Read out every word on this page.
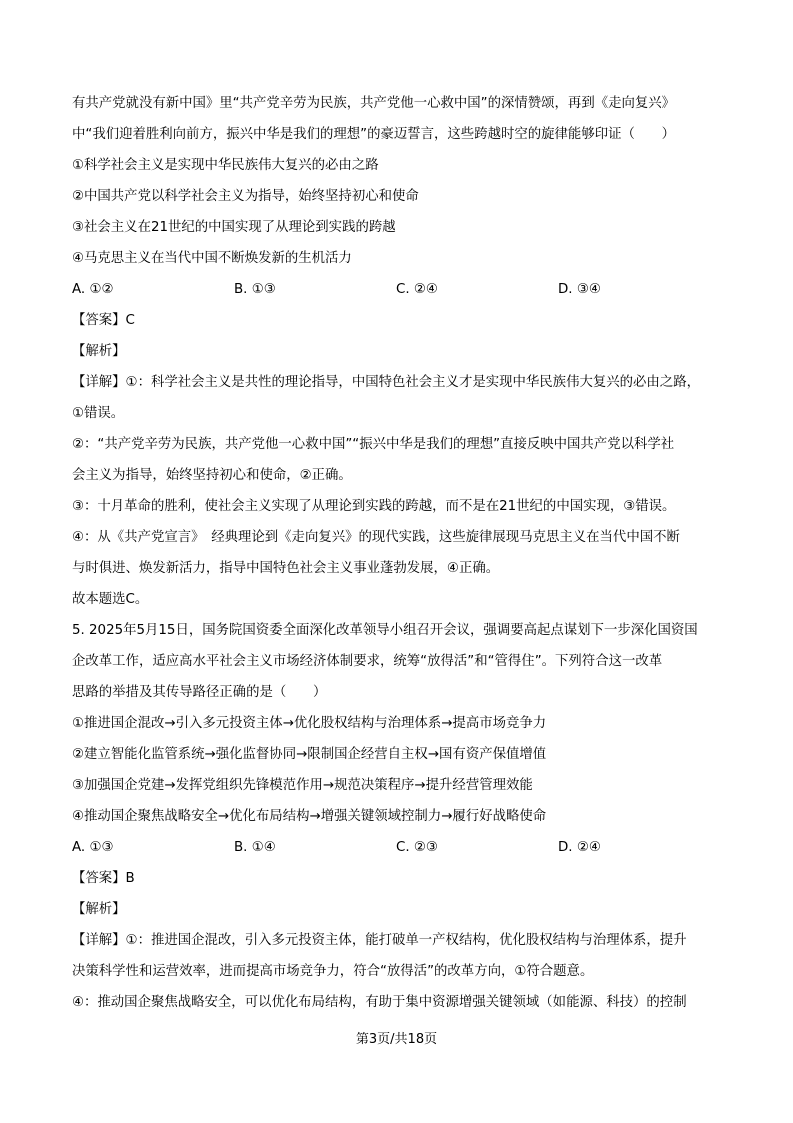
有共产党就没有新中国》里“共产党辛劳为民族，共产党他一心救中国”的深情赞颂，再到《走向复兴》

中“我们迎着胜利向前方，振兴中华是我们的理想”的豪迈誓言，这些跨越时空的旋律能够印证（　　）

①科学社会主义是实现中华民族伟大复兴的必由之路

②中国共产党以科学社会主义为指导，始终坚持初心和使命

③社会主义在21世纪的中国实现了从理论到实践的跨越

④马克思主义在当代中国不断焕发新的生机活力

A. ①②	B. ①③	C. ②④	D. ③④

【答案】C

【解析】

【详解】①：科学社会主义是共性的理论指导，中国特色社会主义才是实现中华民族伟大复兴的必由之路，

①错误。

②：“共产党辛劳为民族，共产党他一心救中国”“振兴中华是我们的理想”直接反映中国共产党以科学社

会主义为指导，始终坚持初心和使命，②正确。

③：十月革命的胜利，使社会主义实现了从理论到实践的跨越，而不是在21世纪的中国实现，③错误。

④：从《共产党宣言》　经典理论到《走向复兴》的现代实践，这些旋律展现马克思主义在当代中国不断

与时俱进、焕发新活力，指导中国特色社会主义事业蓬勃发展，④正确。

故本题选C。

5. 2025年5月15日，国务院国资委全面深化改革领导小组召开会议，强调要高起点谋划下一步深化国资国

企改革工作，适应高水平社会主义市场经济体制要求，统筹“放得活”和“管得住”。下列符合这一改革

思路的举措及其传导路径正确的是（　　）

①推进国企混改→引入多元投资主体→优化股权结构与治理体系→提高市场竞争力

②建立智能化监管系统→强化监督协同→限制国企经营自主权→国有资产保值增值

③加强国企党建→发挥党组织先锋模范作用→规范决策程序→提升经营管理效能

④推动国企聚焦战略安全→优化布局结构→增强关键领域控制力→履行好战略使命

A. ①③	B. ①④	C. ②③	D. ②④

【答案】B

【解析】

【详解】①：推进国企混改，引入多元投资主体，能打破单一产权结构，优化股权结构与治理体系，提升

决策科学性和运营效率，进而提高市场竞争力，符合“放得活”的改革方向，①符合题意。

④：推动国企聚焦战略安全，可以优化布局结构，有助于集中资源增强关键领域（如能源、科技）的控制

第3页/共18页
